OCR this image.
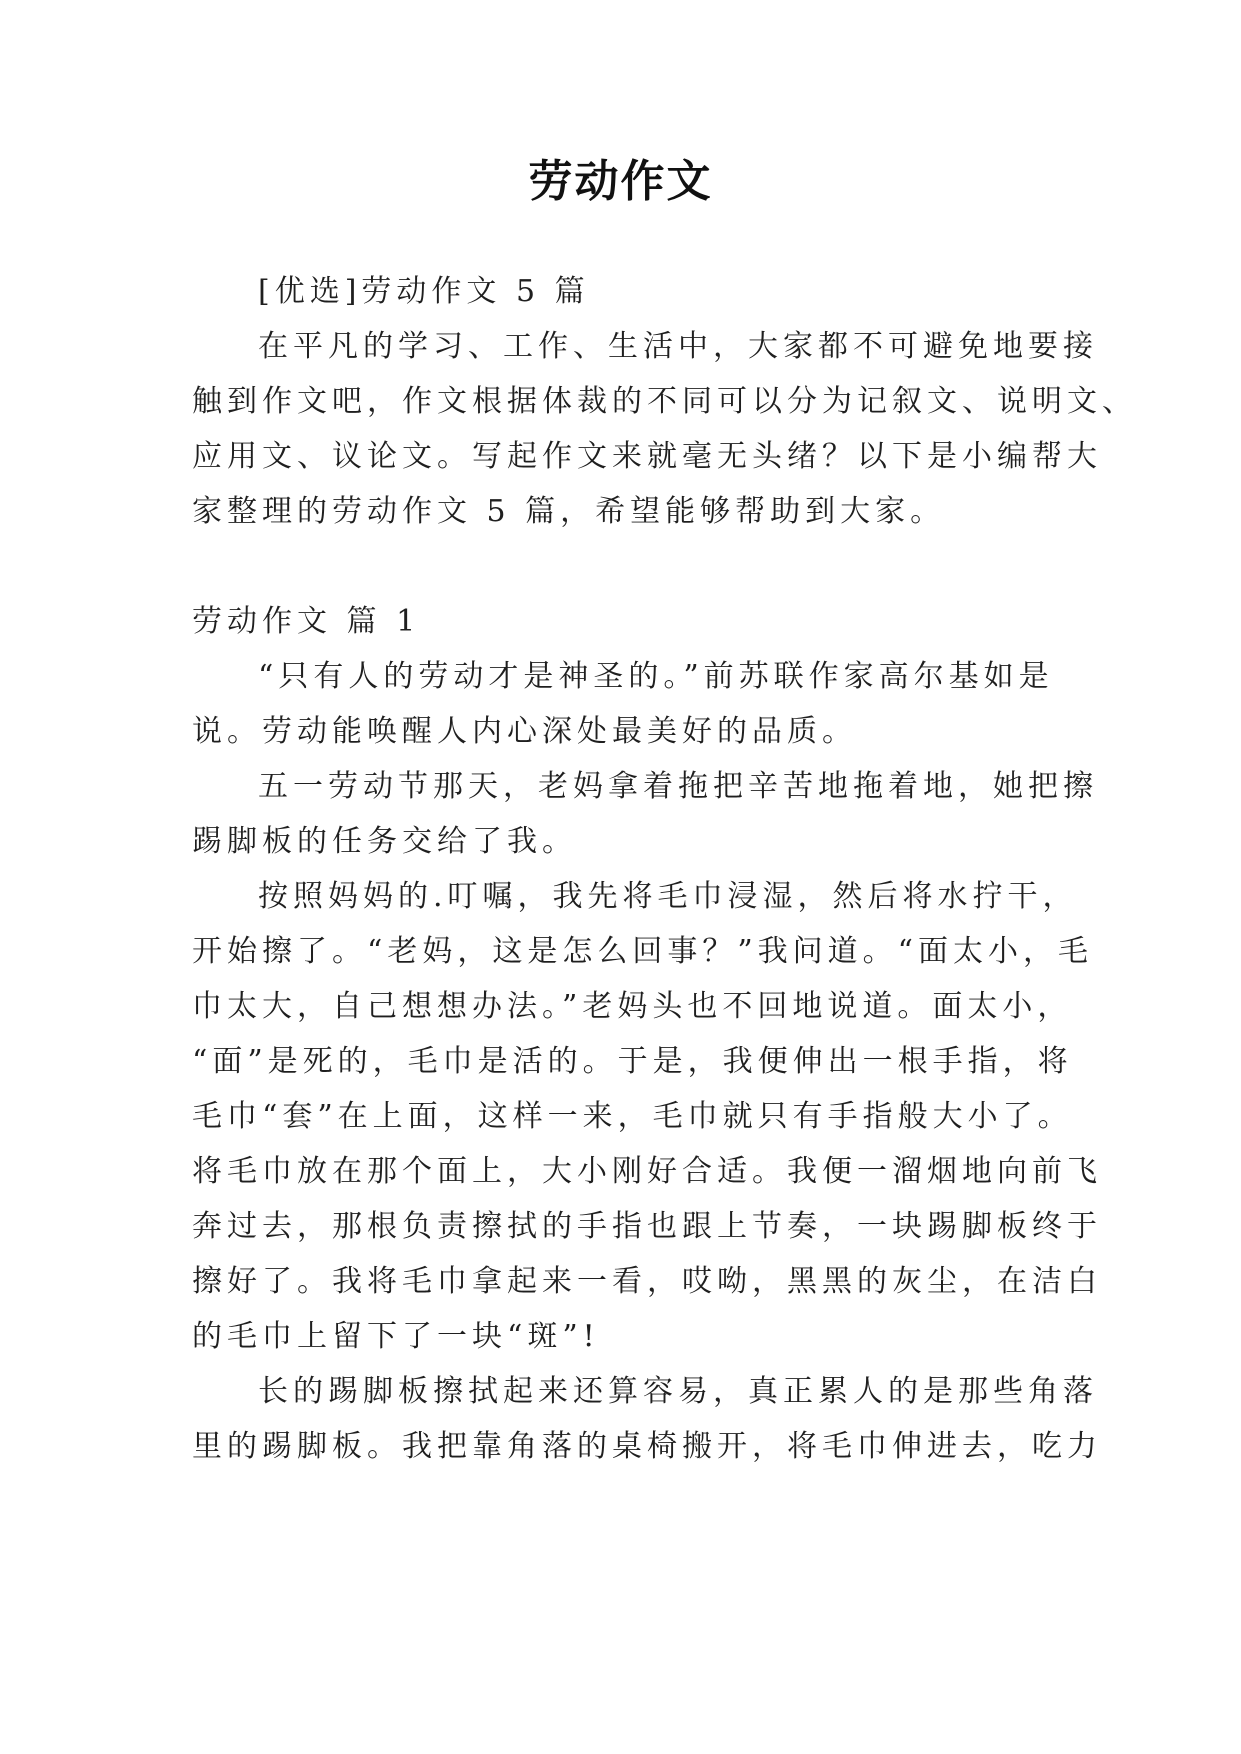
劳动作文

[优选]劳动作文 5 篇

在平凡的学习、工作、生活中，大家都不可避免地要接

触到作文吧，作文根据体裁的不同可以分为记叙文、说明文、

应用文、议论文。写起作文来就毫无头绪？以下是小编帮大

家整理的劳动作文 5 篇，希望能够帮助到大家。

劳动作文 篇 1

“只有人的劳动才是神圣的。”前苏联作家高尔基如是

说。劳动能唤醒人内心深处最美好的品质。

五一劳动节那天，老妈拿着拖把辛苦地拖着地，她把擦

踢脚板的任务交给了我。

按照妈妈的.叮嘱，我先将毛巾浸湿，然后将水拧干，

开始擦了。“老妈，这是怎么回事？”我问道。“面太小，毛

巾太大，自己想想办法。”老妈头也不回地说道。面太小，

“面”是死的，毛巾是活的。于是，我便伸出一根手指，将

毛巾“套”在上面，这样一来，毛巾就只有手指般大小了。

将毛巾放在那个面上，大小刚好合适。我便一溜烟地向前飞

奔过去，那根负责擦拭的手指也跟上节奏，一块踢脚板终于

擦好了。我将毛巾拿起来一看，哎呦，黑黑的灰尘，在洁白

的毛巾上留下了一块“斑”!

长的踢脚板擦拭起来还算容易，真正累人的是那些角落

里的踢脚板。我把靠角落的桌椅搬开，将毛巾伸进去，吃力
